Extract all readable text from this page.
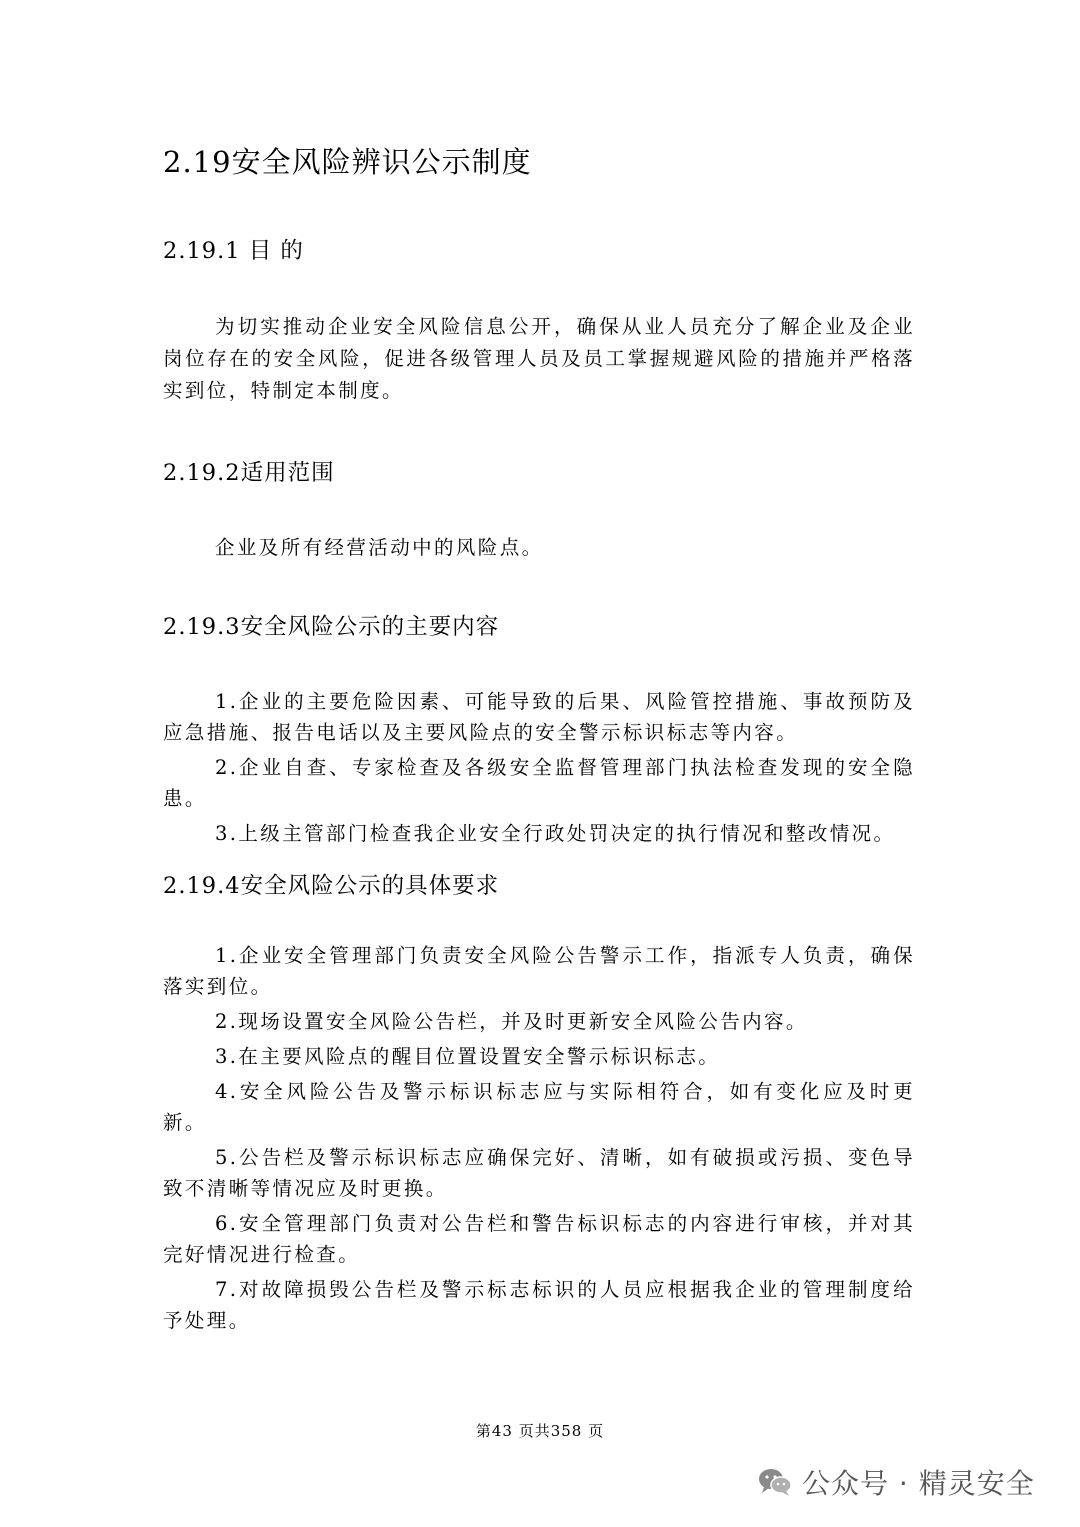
2.19安全风险辨识公示制度
2.19.1 目 的

为切实推动企业安全风险信息公开，确保从业人员充分了解企业及企业岗位存在的安全风险，促进各级管理人员及员工掌握规避风险的措施并严格落实到位，特制定本制度。

2.19.2适用范围

企业及所有经营活动中的风险点。

2.19.3安全风险公示的主要内容

1.企业的主要危险因素、可能导致的后果、风险管控措施、事故预防及应急措施、报告电话以及主要风险点的安全警示标识标志等内容。

2.企业自查、专家检查及各级安全监督管理部门执法检查发现的安全隐患。

3.上级主管部门检查我企业安全行政处罚决定的执行情况和整改情况。

2.19.4安全风险公示的具体要求

1.企业安全管理部门负责安全风险公告警示工作，指派专人负责，确保落实到位。

2.现场设置安全风险公告栏，并及时更新安全风险公告内容。

3.在主要风险点的醒目位置设置安全警示标识标志。

4.安全风险公告及警示标识标志应与实际相符合，如有变化应及时更新。

5.公告栏及警示标识标志应确保完好、清晰，如有破损或污损、变色导致不清晰等情况应及时更换。

6.安全管理部门负责对公告栏和警告标识标志的内容进行审核，并对其完好情况进行检查。

7.对故障损毁公告栏及警示标志标识的人员应根据我企业的管理制度给予处理。

第43 页共358 页
公众号 · 精灵安全
